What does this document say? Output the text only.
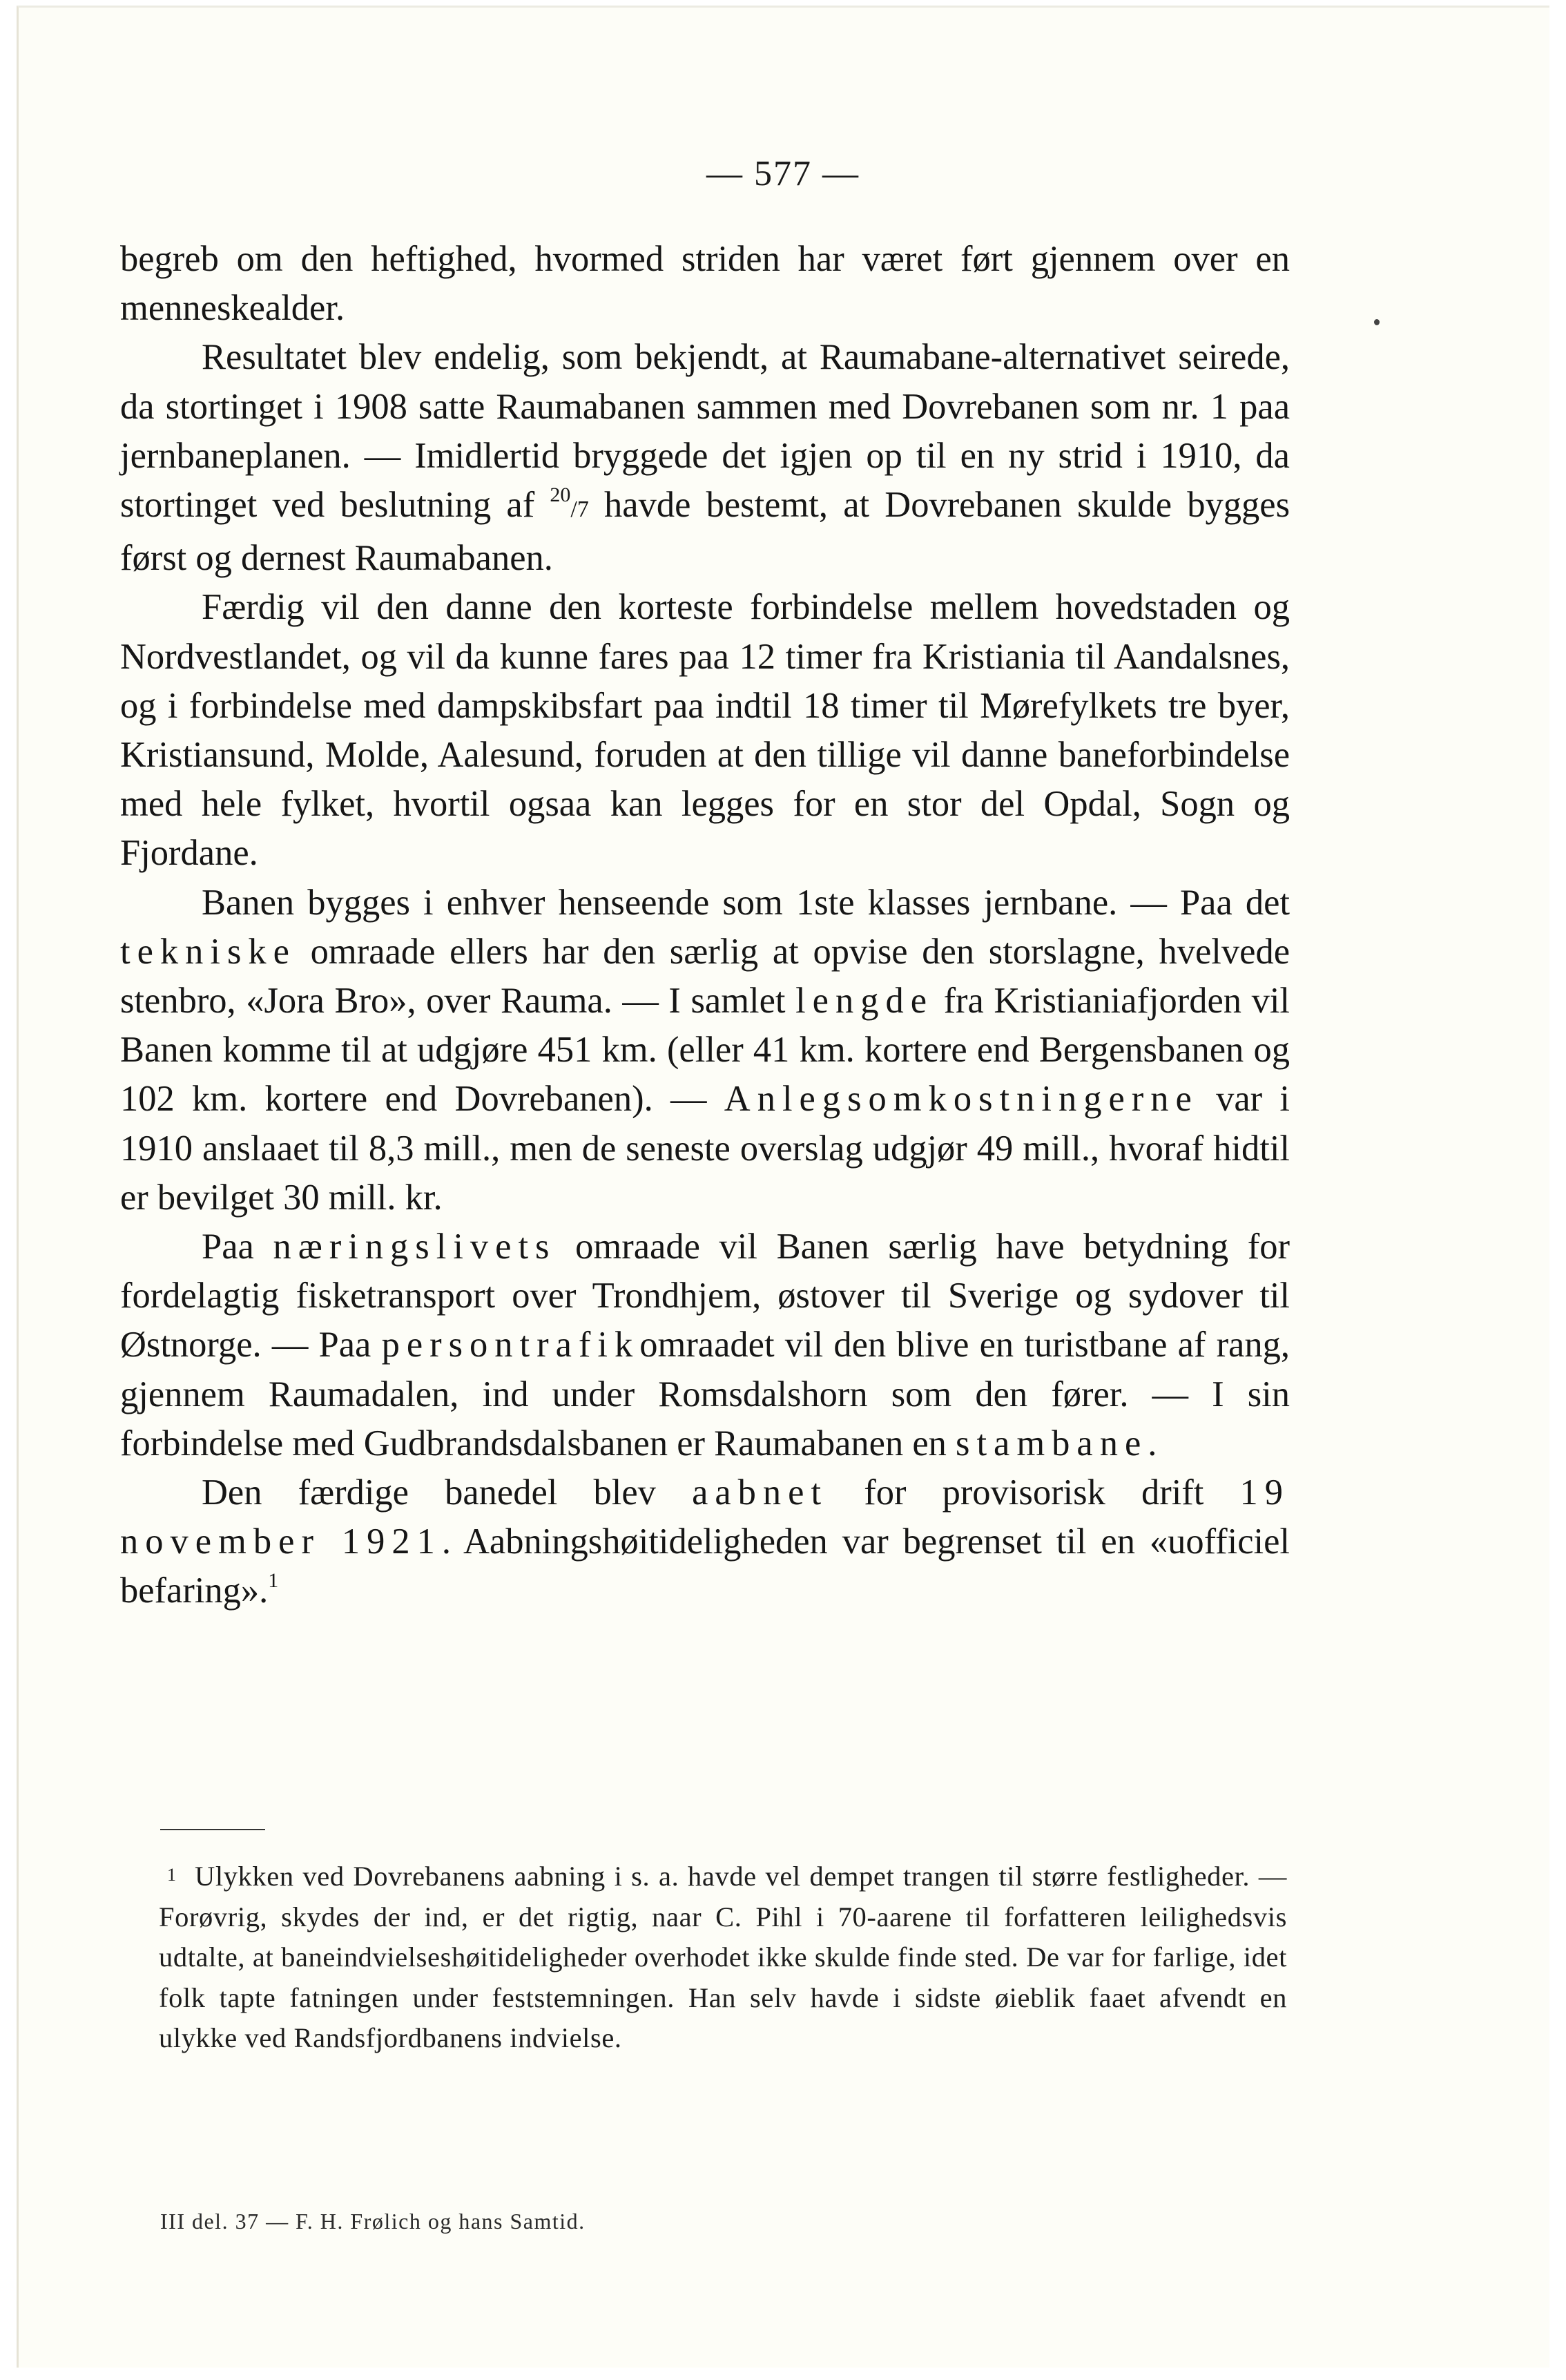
— 577 —

begreb om den heftighed, hvormed striden har været ført gjennem over en menneskealder.

Resultatet blev endelig, som bekjendt, at Raumabane-alternativet seirede, da stortinget i 1908 satte Raumabanen sammen med Dovrebanen som nr. 1 paa jernbaneplanen. — Imidlertid bryggede det igjen op til en ny strid i 1910, da stortinget ved beslutning af $^{20}$/7 havde bestemt, at Dovrebanen skulde bygges først og dernest Raumabanen.

Færdig vil den danne den korteste forbindelse mellem hovedstaden og Nordvestlandet, og vil da kunne fares paa 12 timer fra Kristiania til Aandalsnes, og i forbindelse med dampskibsfart paa indtil 18 timer til Mørefylkets tre byer, Kristiansund, Molde, Aalesund, foruden at den tillige vil danne baneforbindelse med hele fylket, hvortil ogsaa kan legges for en stor del Opdal, Sogn og Fjordane.

Banen bygges i enhver henseende som 1ste klasses jernbane. — Paa det tekniske omraade ellers har den særlig at opvise den storslagne, hvelvede stenbro, «Jora Bro», over Rauma. — I samlet lengde fra Kristianiafjorden vil Banen komme til at udgjøre 451 km. (eller 41 km. kortere end Bergensbanen og 102 km. kortere end Dovrebanen). — Anlegsomkostningerne var i 1910 anslaaet til 8,3 mill., men de seneste overslag udgjør 49 mill., hvoraf hidtil er bevilget 30 mill. kr.

Paa næringslivets omraade vil Banen særlig have betydning for fordelagtig fisketransport over Trondhjem, østover til Sverige og sydover til Østnorge. — Paa persontrafikomraadet vil den blive en turistbane af rang, gjennem Raumadalen, ind under Romsdalshorn som den fører. — I sin forbindelse med Gudbrandsdalsbanen er Raumabanen en stambane.

Den færdige banedel blev aabnet for provisorisk drift 19 november 1921. Aabningshøitideligheden var begrenset til en «uofficiel befaring».$^1$

1 Ulykken ved Dovrebanens aabning i s. a. havde vel dempet trangen til større festligheder. — Forøvrig, skydes der ind, er det rigtig, naar C. Pihl i 70-aarene til forfatteren leilighedsvis udtalte, at baneindvielseshøitideligheder overhodet ikke skulde finde sted. De var for farlige, idet folk tapte fatningen under feststemningen. Han selv havde i sidste øieblik faaet afvendt en ulykke ved Randsfjordbanens indvielse.

III del. 37 — F. H. Frølich og hans Samtid.
